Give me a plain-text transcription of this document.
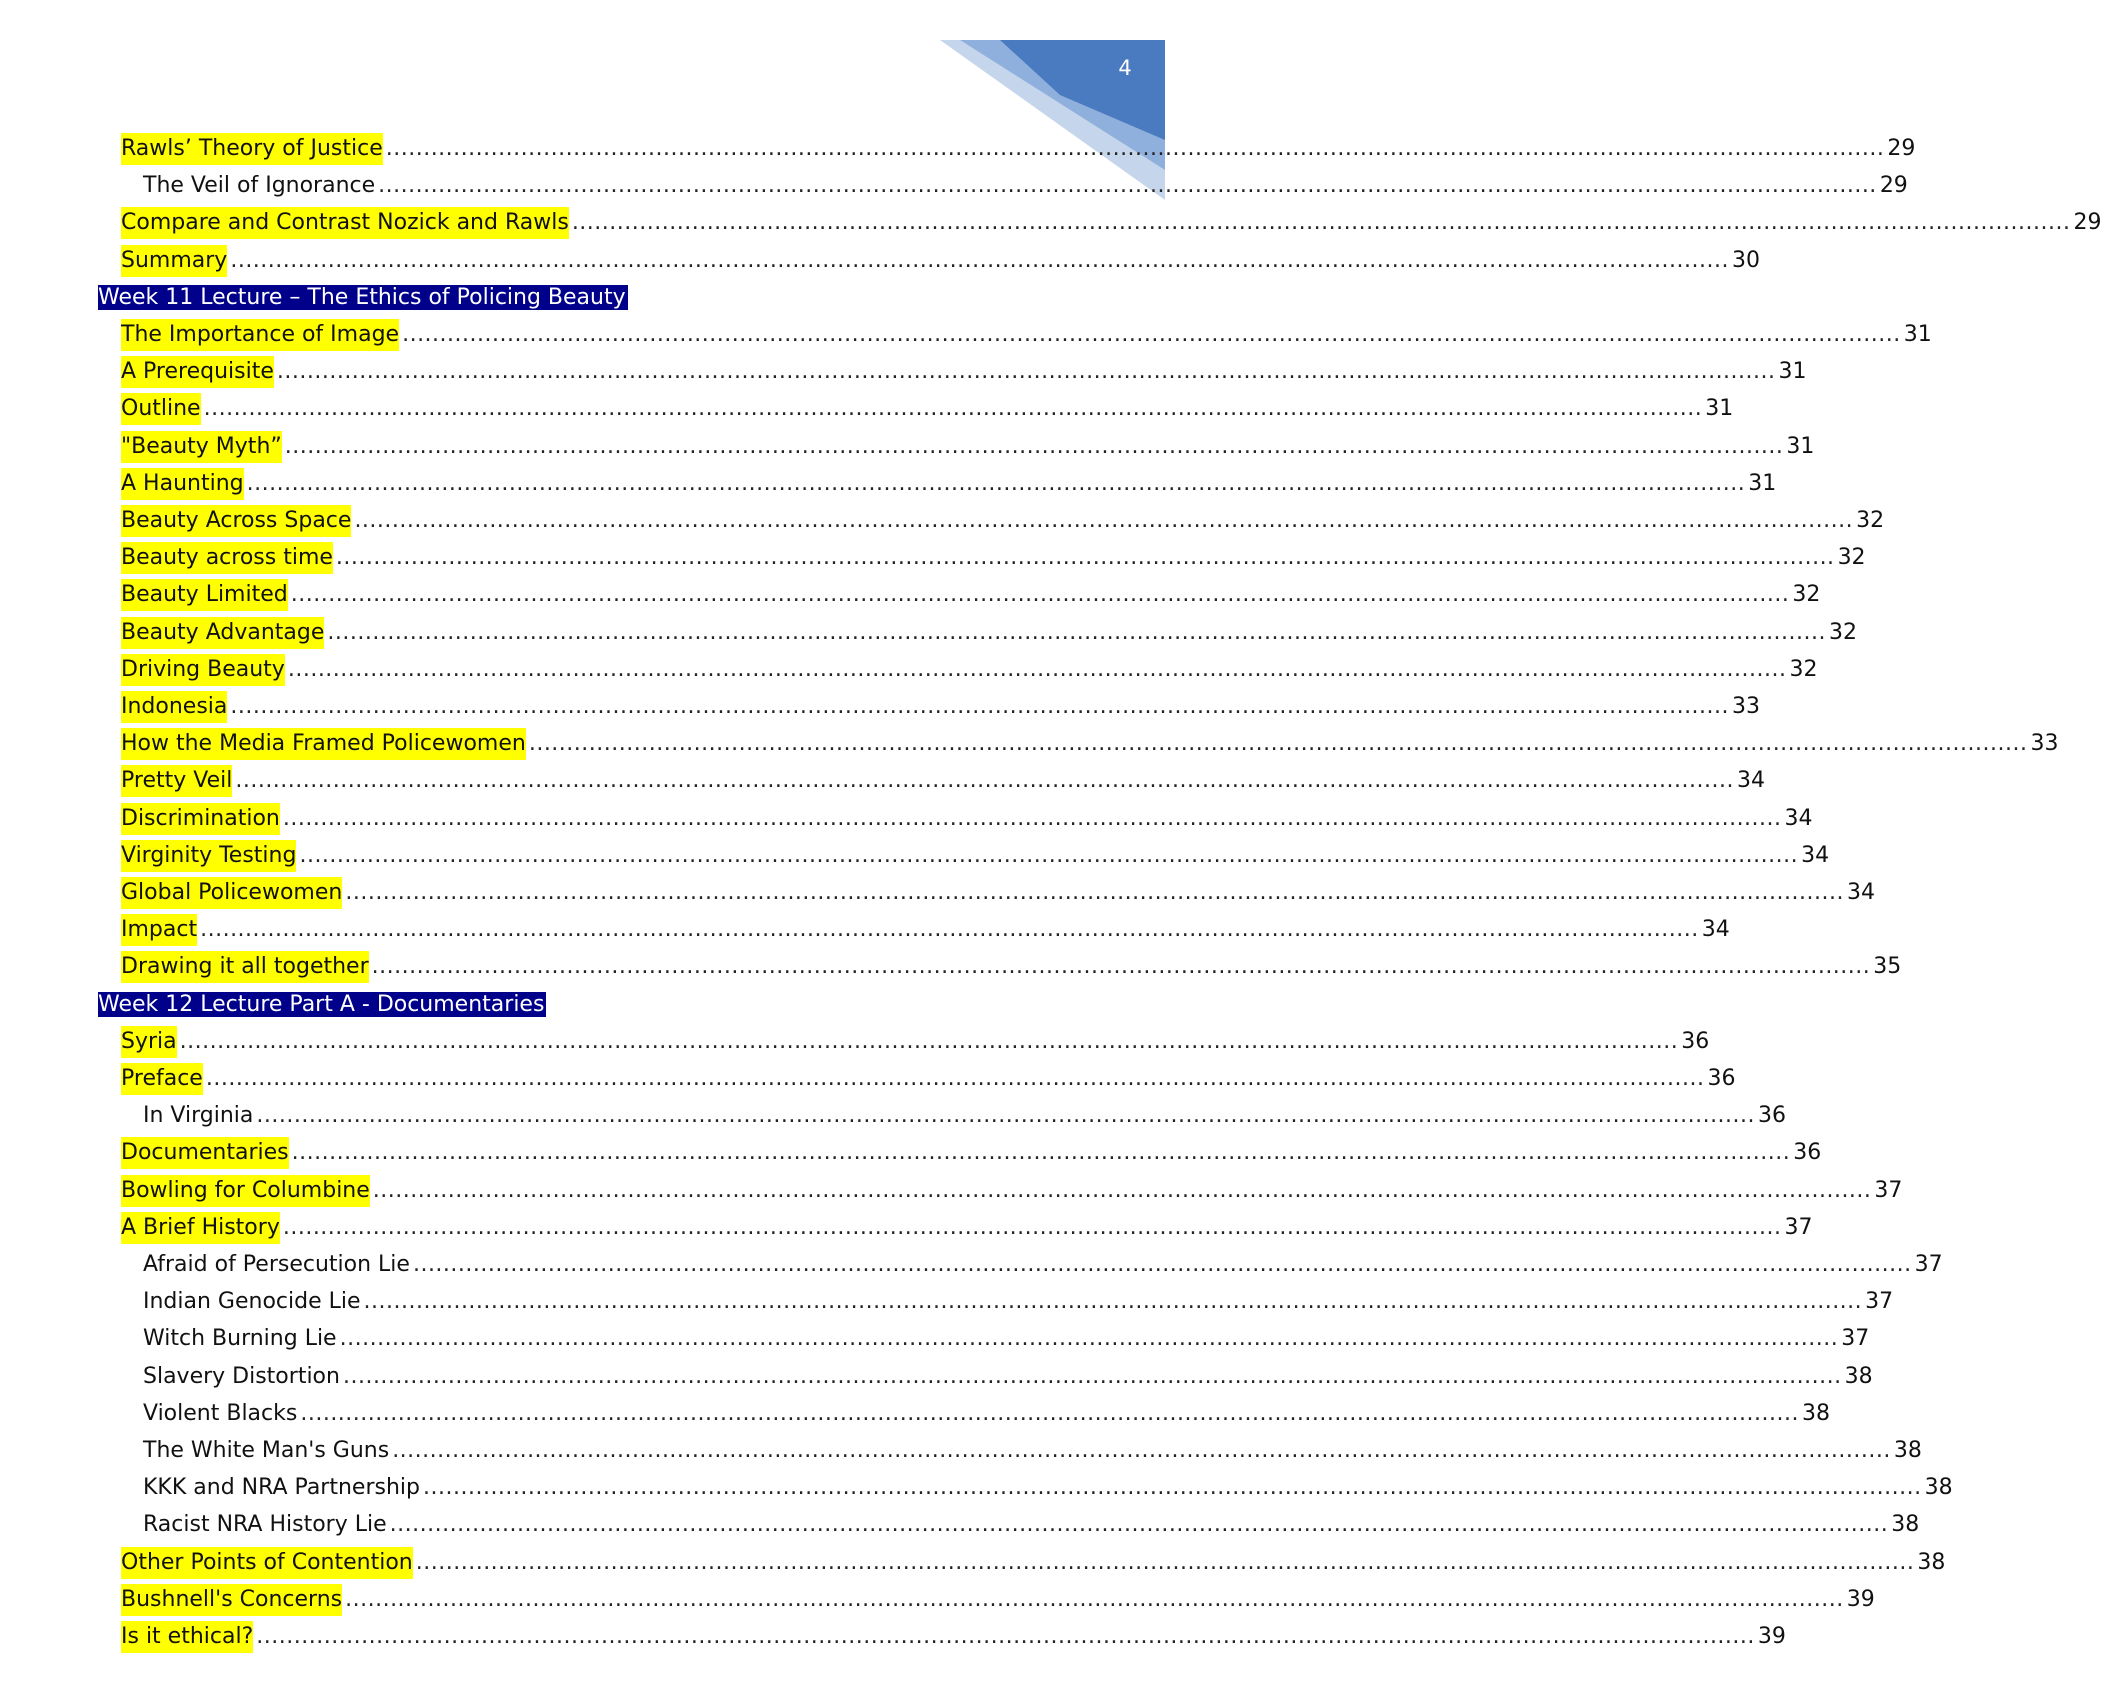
4
Rawls’ Theory of Justice ........................................................................................................................................................................................................ 29
The Veil of Ignorance ........................................................................................................................................................................................................ 29
Compare and Contrast Nozick and Rawls ........................................................................................................................................................................................................ 29
Summary ........................................................................................................................................................................................................ 30
Week 11 Lecture – The Ethics of Policing Beauty
The Importance of Image ........................................................................................................................................................................................................ 31
A Prerequisite ........................................................................................................................................................................................................ 31
Outline ........................................................................................................................................................................................................ 31
"Beauty Myth” ........................................................................................................................................................................................................ 31
A Haunting ........................................................................................................................................................................................................ 31
Beauty Across Space ........................................................................................................................................................................................................ 32
Beauty across time ........................................................................................................................................................................................................ 32
Beauty Limited ........................................................................................................................................................................................................ 32
Beauty Advantage ........................................................................................................................................................................................................ 32
Driving Beauty ........................................................................................................................................................................................................ 32
Indonesia ........................................................................................................................................................................................................ 33
How the Media Framed Policewomen ........................................................................................................................................................................................................ 33
Pretty Veil ........................................................................................................................................................................................................ 34
Discrimination ........................................................................................................................................................................................................ 34
Virginity Testing ........................................................................................................................................................................................................ 34
Global Policewomen ........................................................................................................................................................................................................ 34
Impact ........................................................................................................................................................................................................ 34
Drawing it all together ........................................................................................................................................................................................................ 35
Week 12 Lecture Part A - Documentaries
Syria ........................................................................................................................................................................................................ 36
Preface ........................................................................................................................................................................................................ 36
In Virginia ........................................................................................................................................................................................................ 36
Documentaries ........................................................................................................................................................................................................ 36
Bowling for Columbine ........................................................................................................................................................................................................ 37
A Brief History ........................................................................................................................................................................................................ 37
Afraid of Persecution Lie ........................................................................................................................................................................................................ 37
Indian Genocide Lie ........................................................................................................................................................................................................ 37
Witch Burning Lie ........................................................................................................................................................................................................ 37
Slavery Distortion ........................................................................................................................................................................................................ 38
Violent Blacks ........................................................................................................................................................................................................ 38
The White Man's Guns ........................................................................................................................................................................................................ 38
KKK and NRA Partnership ........................................................................................................................................................................................................ 38
Racist NRA History Lie ........................................................................................................................................................................................................ 38
Other Points of Contention ........................................................................................................................................................................................................ 38
Bushnell's Concerns ........................................................................................................................................................................................................ 39
Is it ethical? ........................................................................................................................................................................................................ 39
